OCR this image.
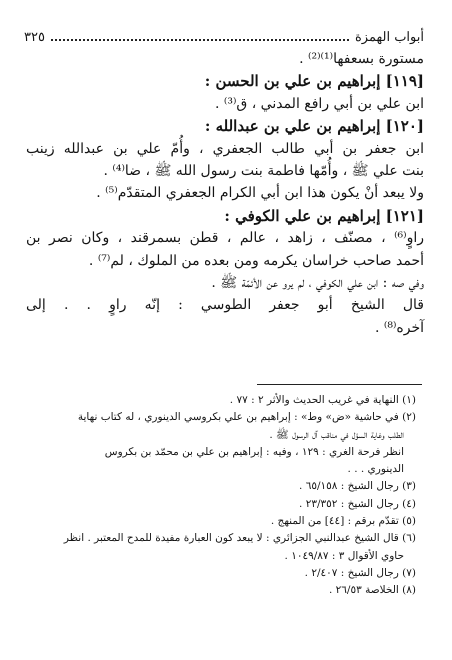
أبواب الهمزة
٣٢٥

مستورة بسعفها⁽¹⁾⁽²⁾ .

[١١٩] إبراهيم بن علي بن الحسن :

ابن علي بن أبي رافع المدني ، ق⁽³⁾ .

[١٢٠] إبراهيم بن علي بن عبدالله :

ابن جعفر بن أبي طالب الجعفري ، وأُمّ علي بن عبدالله زينب

بنت علي ﷺ ، وأُمّها فاطمة بنت رسول الله ﷺ ، ضا⁽⁴⁾ .

ولا يبعد أنْ يكون هذا ابن أبي الكرام الجعفري المتقدّم⁽⁵⁾ .

[١٢١] إبراهيم بن علي الكوفي :

راوٍ⁽⁶⁾ ، مصنّف ، زاهد ، عالم ، قطن بسمرقند ، وكان نصر بن

أحمد صاحب خراسان يكرمه ومن بعده من الملوك ، لم⁽⁷⁾ .

وفي صه : ابن علي الكوفي ، لم يرو عن الأئمّة ﷺ .

قال الشيخ أبو جعفر الطوسي : إنّه راوٍ . . إلى

آخره⁽⁸⁾ .

(١) النهاية في غريب الحديث والأثر ٢ : ٧٧ .

(٢) في حاشية «ض» وط» : إبراهيم بن علي بكروسي الدينوري ، له كتاب نهاية

الطلب وغاية السؤل في مناقب آل الرسول ﷺ .

انظر فرحة الغري : ١٢٩ ، وفيه : إبراهيم بن علي بن محمّد بن بكروس

الدينوري . . .

(٣) رجال الشيخ : ٦٥/١٥٨ .

(٤) رجال الشيخ : ٢٣/٣٥٢ .

(٥) تقدّم برقم : [٤٤] من المنهج .

(٦) قال الشيخ عبدالنبي الجزائري : لا يبعد كون العبارة مفيدة للمدح المعتبر . انظر

حاوي الأقوال ٣ : ١٠٤٩/٨٧ .

(٧) رجال الشيخ : ٢/٤٠٧ .

(٨) الخلاصة ٢٦/٥٣ .
